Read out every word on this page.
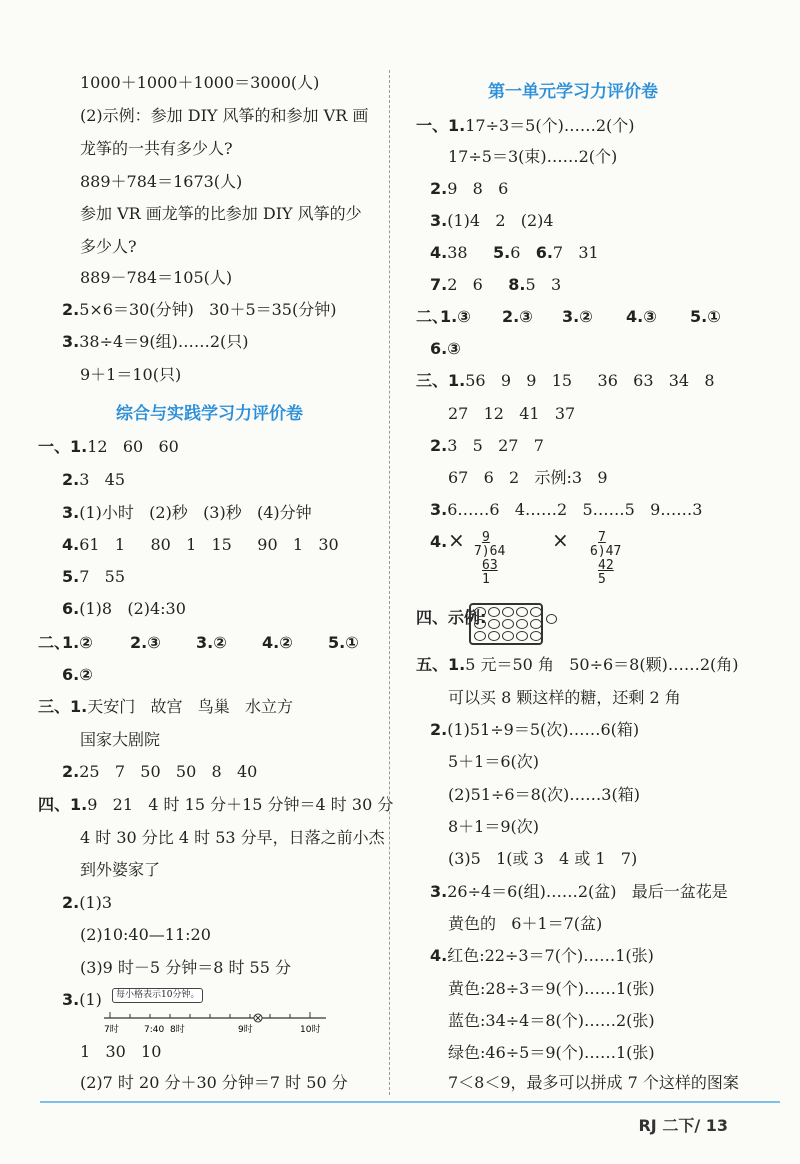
1000＋1000＋1000＝3000(人)
(2)示例：参加 DIY 风筝的和参加 VR 画
龙筝的一共有多少人?
889＋784＝1673(人)
参加 VR 画龙筝的比参加 DIY 风筝的少
多少人?
889－784＝105(人)
2.5×6＝30(分钟)   30＋5＝35(分钟)
3.38÷4＝9(组)……2(只)
9＋1＝10(只)
综合与实践学习力评价卷
一、1.12   60   60
2.3   45
3.(1)小时   (2)秒   (3)秒   (4)分钟
4.61   1     80   1   15     90   1   30
5.7   55
6.(1)8   (2)4:30
二、
1.② 2.③ 3.② 4.② 5.①
6.②
三、1.天安门   故宫   鸟巢   水立方
国家大剧院
2.25   7   50   50   8   40
四、1.9   21   4 时 15 分＋15 分钟＝4 时 30 分
4 时 30 分比 4 时 53 分早，日落之前小杰
到外婆家了
2.(1)3
(2)10:40—11:20
(3)9 时－5 分钟＝8 时 55 分
3.(1)	每小格表示10分钟。
7时	7:40 8时	9时	10时
1   30   10
(2)7 时 20 分＋30 分钟＝7 时 50 分
第一单元学习力评价卷
一、1.17÷3＝5(个)……2(个)
17÷5＝3(束)……2(个)
2.9   8   6
3.(1)4   2   (2)4
4.38 5.6 6.7   31
7.2   6 8.5   3
二、
1.③ 2.③ 3.② 4.③ 5.①
6.③
三、1.56   9   9   15     36   63   34   8
27   12   41   37
2.3   5   27   7
67   6   2   示例:3   9
3.6……6   4……2   5……5   9……3
4. ×	9
7)64
63
1
×	7
6)47
42
5
四、示例:
五、1.5 元＝50 角   50÷6＝8(颗)……2(角)
可以买 8 颗这样的糖，还剩 2 角
2.(1)51÷9＝5(次)……6(箱)
5＋1＝6(次)
(2)51÷6＝8(次)……3(箱)
8＋1＝9(次)
(3)5   1(或 3   4 或 1   7)
3.26÷4＝6(组)……2(盆)   最后一盆花是
黄色的   6＋1＝7(盆)
4.红色:22÷3＝7(个)……1(张)
黄色:28÷3＝9(个)……1(张)
蓝色:34÷4＝8(个)……2(张)
绿色:46÷5＝9(个)……1(张)
7＜8＜9，最多可以拼成 7 个这样的图案
RJ 二下/ 13
